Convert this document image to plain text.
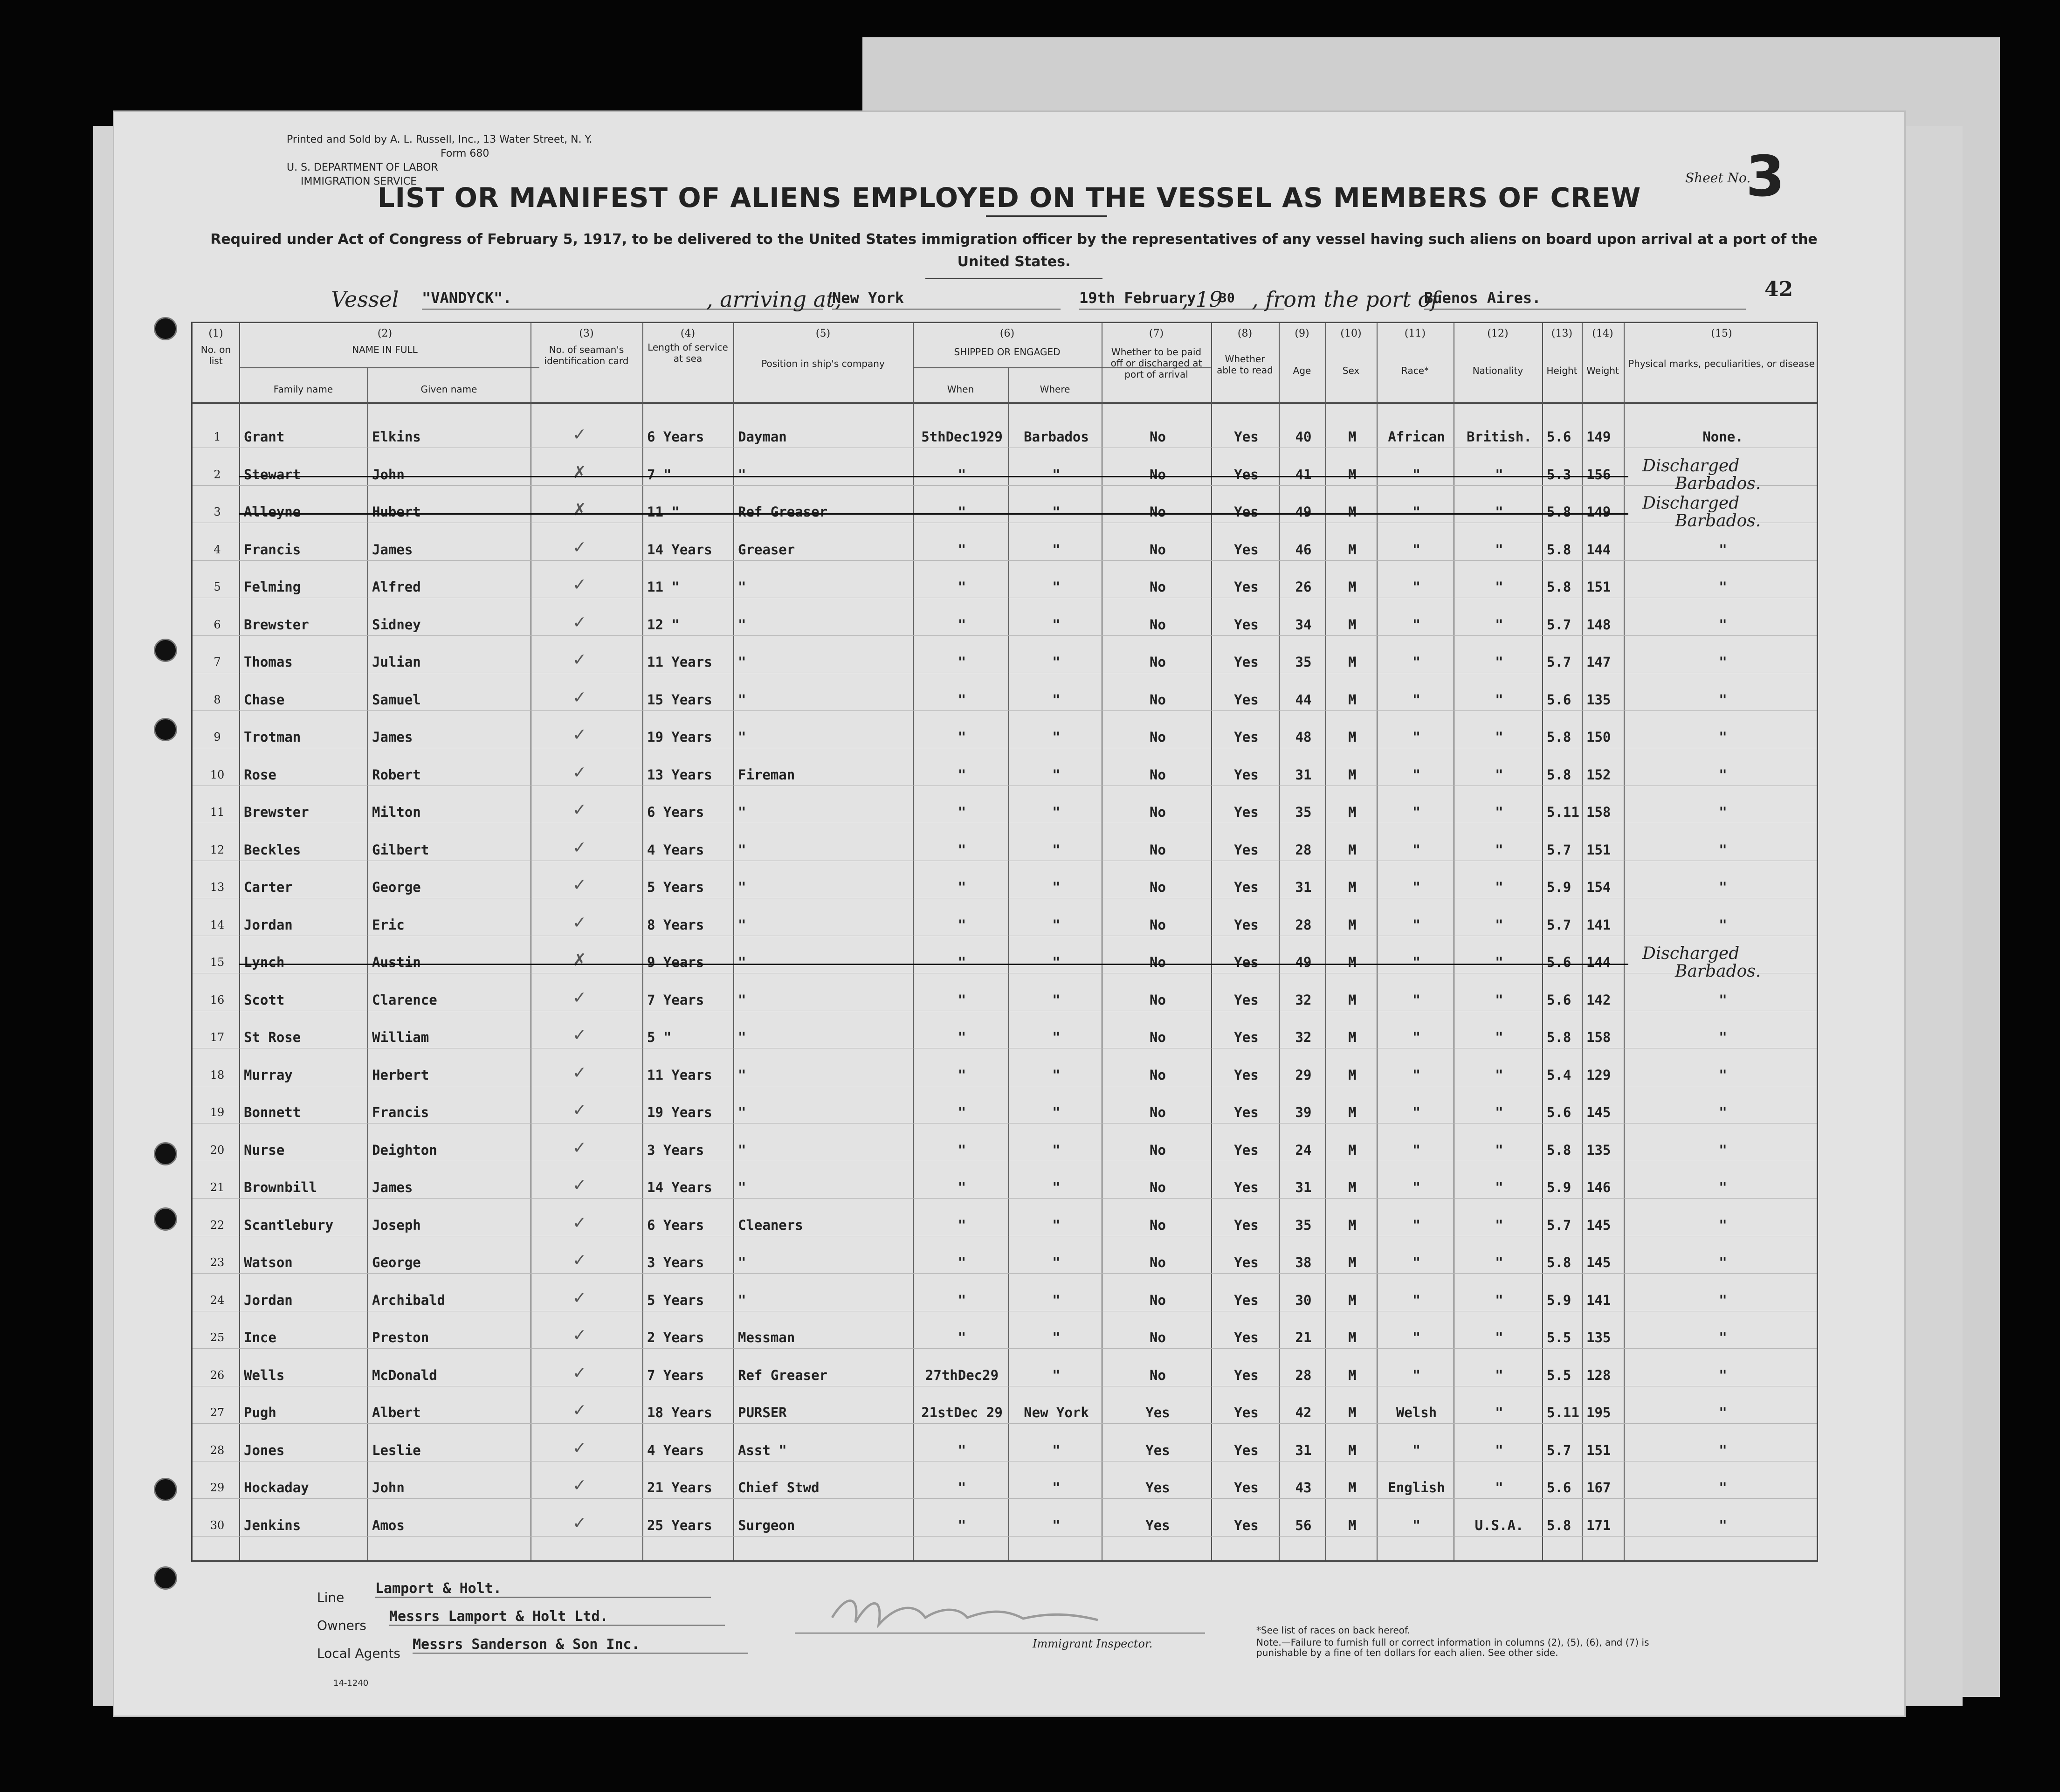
Printed and Sold by A. L. Russell, Inc., 13 Water Street, N. Y.
Form 680
U. S. DEPARTMENT OF LABOR
IMMIGRATION SERVICE	Sheet No.
3
LIST OR MANIFEST OF ALIENS EMPLOYED ON THE VESSEL AS MEMBERS OF CREW
Required under Act of Congress of February 5, 1917, to be delivered to the United States immigration officer by the representatives of any vessel having such aliens on board upon arrival at a port of the United States.
42
Vessel "VANDYCK".	, arriving at,
New York	19th February
, 19
30 , from the port of
Buenos Aires.
(1)	(2)	(3)	(4)	(5)	(6)	(7)	(8)	(9)	(10)	(11)	(12)	(13)	(14)	(15)
No. on list
NAME IN FULL
Family name	Given name
No. of seaman's identification card
Length of service at sea	Position in ship's company
SHIPPED OR ENGAGED
When	Where
Whether to be paid off or discharged at port of arrival
Whether able to read	Age	Sex	Race*	Nationality	Height Weight
Physical marks, peculiarities, or disease
1	Grant	Elkins	✓	6 Years	Dayman	5thDec1929	Barbados	No	Yes	40	M	African	British.	5.6	149	None.
2	Stewart	John	✗	7 "	"	"	"	No	Yes	41	M	"	"	5.3	156
3	Alleyne	Hubert	✗	11 "	Ref Greaser	"	"	No	Yes	49	M	"	"	5.8	149
4	Francis	James	✓	14 Years	Greaser	"	"	No	Yes	46	M	"	"	5.8	144	"
5	Felming	Alfred	✓	11 "	"	"	"	No	Yes	26	M	"	"	5.8	151	"
6	Brewster	Sidney	✓	12 "	"	"	"	No	Yes	34	M	"	"	5.7	148	"
7	Thomas	Julian	✓	11 Years	"	"	"	No	Yes	35	M	"	"	5.7	147	"
8	Chase	Samuel	✓	15 Years	"	"	"	No	Yes	44	M	"	"	5.6	135	"
9	Trotman	James	✓	19 Years	"	"	"	No	Yes	48	M	"	"	5.8	150	"
10	Rose	Robert	✓	13 Years	Fireman	"	"	No	Yes	31	M	"	"	5.8	152	"
11	Brewster	Milton	✓	6 Years	"	"	"	No	Yes	35	M	"	"	5.11 158	"
12	Beckles	Gilbert	✓	4 Years	"	"	"	No	Yes	28	M	"	"	5.7	151	"
13	Carter	George	✓	5 Years	"	"	"	No	Yes	31	M	"	"	5.9	154	"
14	Jordan	Eric	✓	8 Years	"	"	"	No	Yes	28	M	"	"	5.7	141	"
15	Lynch	Austin	✗	9 Years	"	"	"	No	Yes	49	M	"	"	5.6	144
16	Scott	Clarence	✓	7 Years	"	"	"	No	Yes	32	M	"	"	5.6	142	"
17	St Rose	William	✓	5 "	"	"	"	No	Yes	32	M	"	"	5.8	158	"
18	Murray	Herbert	✓	11 Years	"	"	"	No	Yes	29	M	"	"	5.4	129	"
19	Bonnett	Francis	✓	19 Years	"	"	"	No	Yes	39	M	"	"	5.6	145	"
20	Nurse	Deighton	✓	3 Years	"	"	"	No	Yes	24	M	"	"	5.8	135	"
21	Brownbill	James	✓	14 Years	"	"	"	No	Yes	31	M	"	"	5.9	146	"
22	Scantlebury	Joseph	✓	6 Years	Cleaners	"	"	No	Yes	35	M	"	"	5.7	145	"
23	Watson	George	✓	3 Years	"	"	"	No	Yes	38	M	"	"	5.8	145	"
24	Jordan	Archibald	✓	5 Years	"	"	"	No	Yes	30	M	"	"	5.9	141	"
25	Ince	Preston	✓	2 Years	Messman	"	"	No	Yes	21	M	"	"	5.5	135	"
26	Wells	McDonald	✓	7 Years	Ref Greaser	27thDec29	"	No	Yes	28	M	"	"	5.5	128	"
27	Pugh	Albert	✓	18 Years	PURSER	21stDec 29	New York	Yes	Yes	42	M	Welsh	"	5.11 195	"
28	Jones	Leslie	✓	4 Years	Asst "	"	"	Yes	Yes	31	M	"	"	5.7	151	"
29	Hockaday	John	✓	21 Years	Chief Stwd	"	"	Yes	Yes	43	M	English	"	5.6	167	"
30	Jenkins	Amos	✓	25 Years	Surgeon	"	"	Yes	Yes	56	M	"	U.S.A.	5.8	171	"
Discharged
Barbados.
Discharged
Barbados.
Discharged
Barbados.
Line
Lamport & Holt.
Owners
Messrs Lamport & Holt Ltd.
Local Agents
Messrs Sanderson & Son Inc.
14-1240
Immigrant Inspector.
*See list of races on back hereof.
Note.—Failure to furnish full or correct information in columns (2), (5), (6), and (7) is punishable by a fine of ten dollars for each alien. See other side.
